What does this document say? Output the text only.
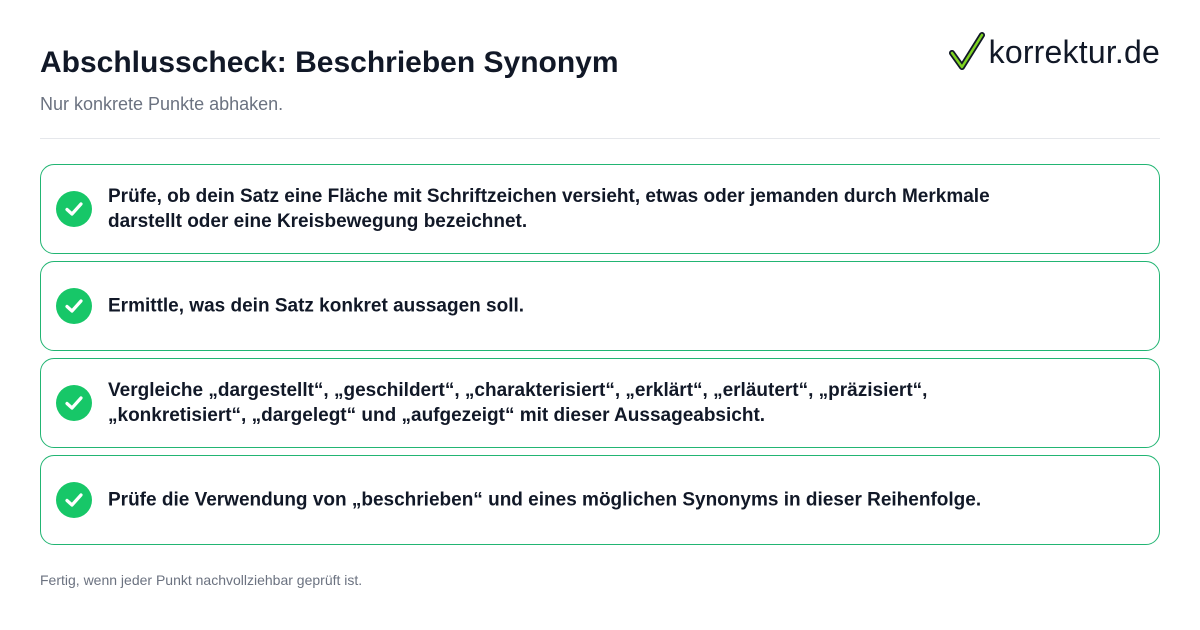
Abschlusscheck: Beschrieben Synonym
Nur konkrete Punkte abhaken.
korrektur.de
Prüfe, ob dein Satz eine Fläche mit Schriftzeichen versieht, etwas oder jemanden durch Merkmale darstellt oder eine Kreisbewegung bezeichnet.
Ermittle, was dein Satz konkret aussagen soll.
Vergleiche „dargestellt“, „geschildert“, „charakterisiert“, „erklärt“, „erläutert“, „präzisiert“, „konkretisiert“, „dargelegt“ und „aufgezeigt“ mit dieser Aussageabsicht.
Prüfe die Verwendung von „beschrieben“ und eines möglichen Synonyms in dieser Reihenfolge.
Fertig, wenn jeder Punkt nachvollziehbar geprüft ist.
